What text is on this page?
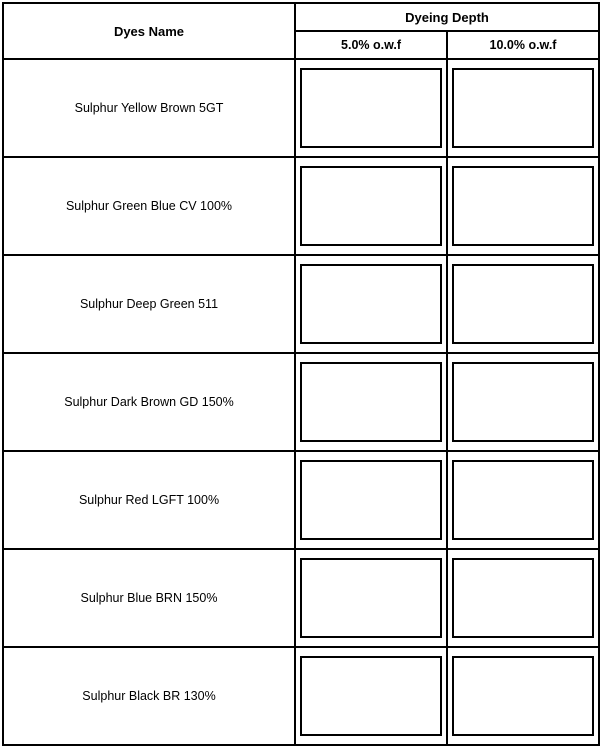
Dyes Name	Dyeing Depth	
	5.0% o.w.f	10.0% o.w.f
Sulphur Yellow Brown 5GT	

Sulphur Green Blue CV 100%	

Sulphur Deep Green 511	

Sulphur Dark Brown GD 150%	

Sulphur Red LGFT 100%	

Sulphur Blue BRN 150%	

Sulphur Black BR 130%	
